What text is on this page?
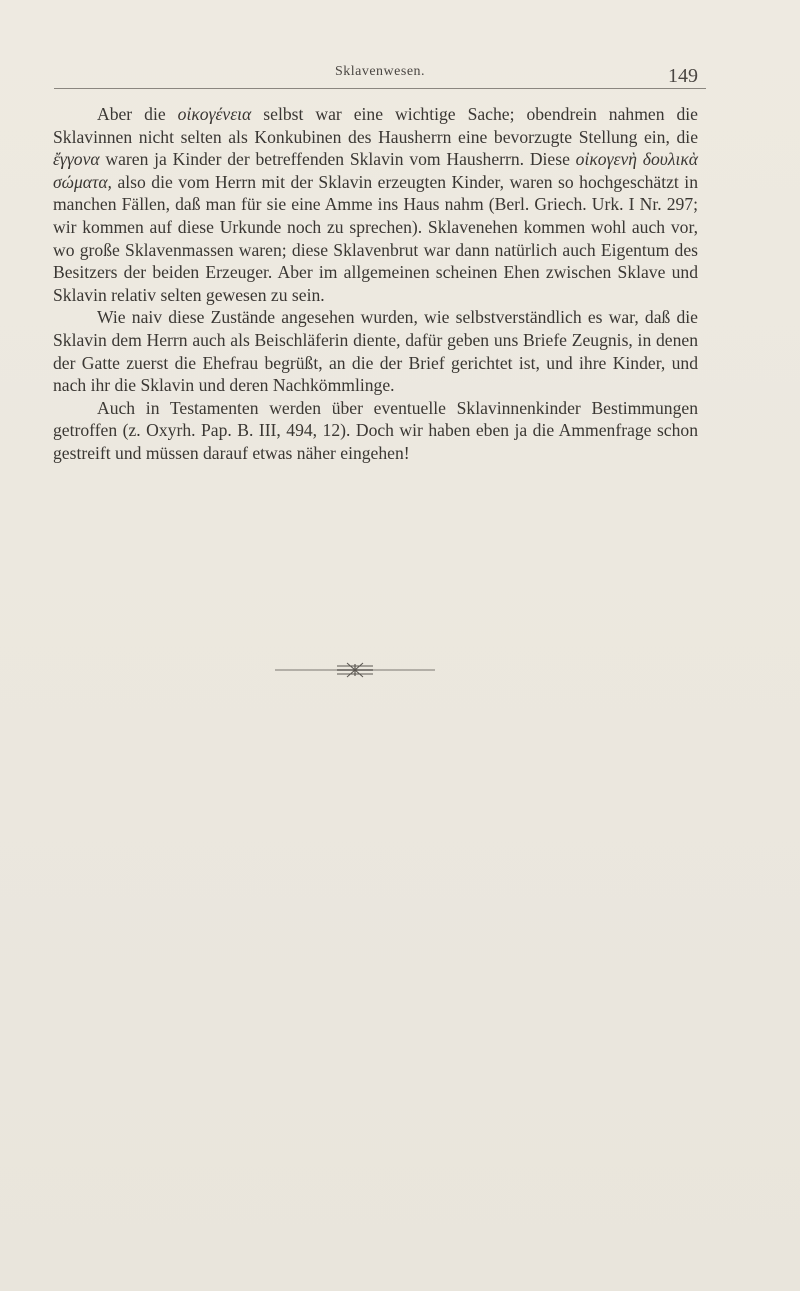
Sklavenwesen.	149

Aber die οἰκογένεια selbst war eine wichtige Sache; obendrein nahmen die Sklavinnen nicht selten als Konkubinen des Hausherrn eine bevorzugte Stellung ein, die ἔγγονα waren ja Kinder der betreffenden Sklavin vom Hausherrn. Diese οἰκογενὴ δουλικὰ σώματα, also die vom Herrn mit der Sklavin erzeugten Kinder, waren so hochgeschätzt in manchen Fällen, daß man für sie eine Amme ins Haus nahm (Berl. Griech. Urk. I Nr. 297; wir kommen auf diese Urkunde noch zu sprechen). Sklavenehen kommen wohl auch vor, wo große Sklavenmassen waren; diese Sklavenbrut war dann natürlich auch Eigentum des Besitzers der beiden Erzeuger. Aber im allgemeinen scheinen Ehen zwischen Sklave und Sklavin relativ selten gewesen zu sein.

Wie naiv diese Zustände angesehen wurden, wie selbstverständlich es war, daß die Sklavin dem Herrn auch als Beischläferin diente, dafür geben uns Briefe Zeugnis, in denen der Gatte zuerst die Ehefrau begrüßt, an die der Brief gerichtet ist, und ihre Kinder, und nach ihr die Sklavin und deren Nachkömmlinge.

Auch in Testamenten werden über eventuelle Sklavinnenkinder Bestimmungen getroffen (z. Oxyrh. Pap. B. III, 494, 12). Doch wir haben eben ja die Ammenfrage schon gestreift und müssen darauf etwas näher eingehen!
